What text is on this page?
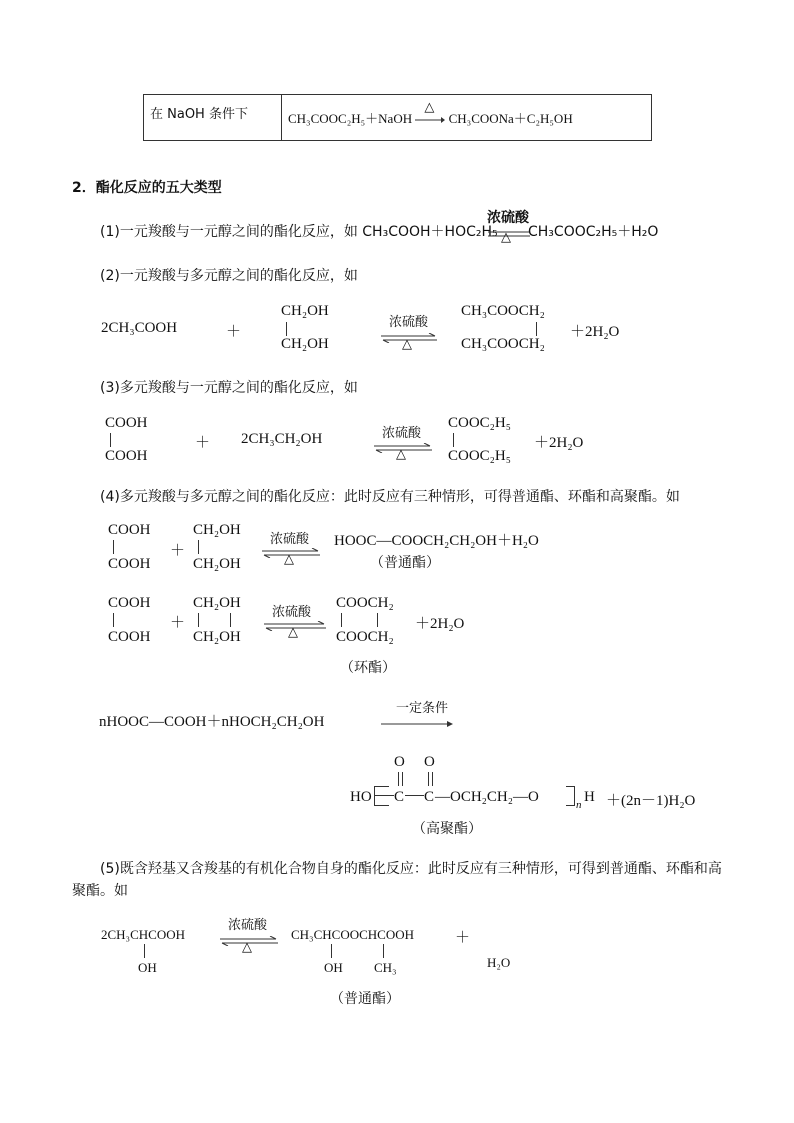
在 NaOH 条件下	CH₃COOC₂H₅＋NaOH
△
CH₃COONa＋C₂H₅OH
2．酯化反应的五大类型
(1)一元羧酸与一元醇之间的酯化反应，如 CH₃COOH＋HOC₂H₅
浓硫酸
△ CH₃COOC₂H₅＋H₂O
(2)一元羧酸与多元醇之间的酯化反应，如
2CH₃COOH	＋
CH₂OH
CH₂OH
浓硫酸
△
CH₃COOCH₂
CH₃COOCH₂
＋2H₂O
(3)多元羧酸与一元醇之间的酯化反应，如
COOH
COOH
＋ 2CH₃CH₂OH	浓硫酸
△
COOC₂H₅
COOC₂H₅
＋2H₂O
(4)多元羧酸与多元醇之间的酯化反应：此时反应有三种情形，可得普通酯、环酯和高聚酯。如
COOH
COOH
＋
CH₂OH
CH₂OH
浓硫酸
△
HOOC—COOCH₂CH₂OH＋H₂O
（普通酯）
COOH
COOH
＋
CH₂OH
CH₂OH
浓硫酸
△
COOCH₂
COOCH₂
＋2H₂O
（环酯）
nHOOC—COOH＋nHOCH₂CH₂OH
一定条件
O O
HO C C —OCH₂CH₂—O	n H ＋(2n－1)H₂O
（高聚酯）
(5)既含羟基又含羧基的有机化合物自身的酯化反应：此时反应有三种情形，可得到普通酯、环酯和高
聚酯。如
2CH₃CHCOOH
OH
浓硫酸
△
CH₃CHCOOCHCOOH
OH CH₃
＋
H₂O
（普通酯）
